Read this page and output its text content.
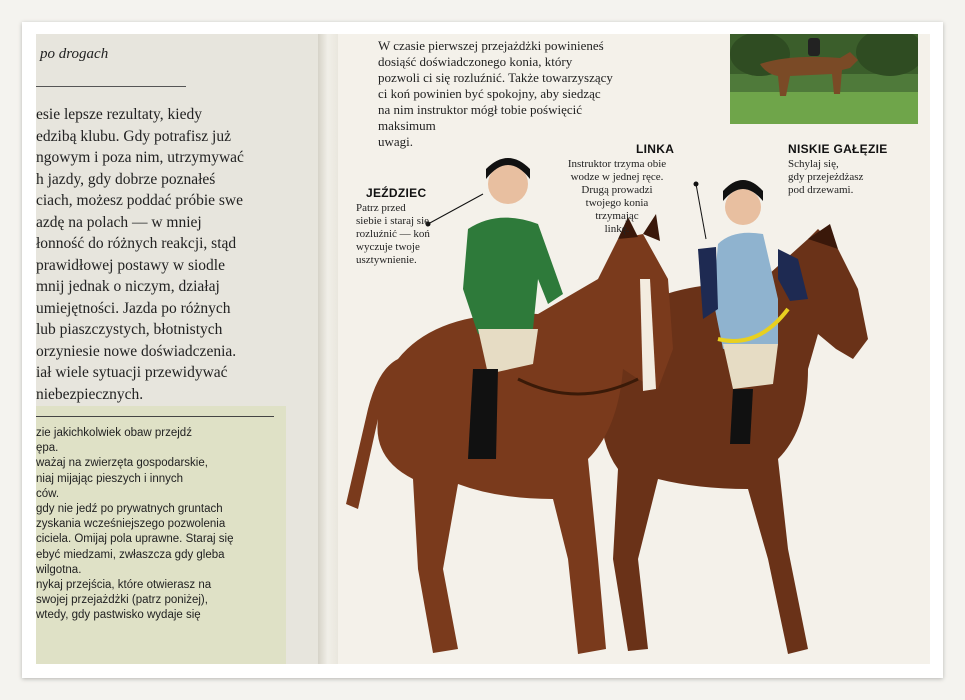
po drogach
esie lepsze rezultaty, kiedy
edzibą klubu. Gdy potrafisz już
ngowym i poza nim, utrzymywać
h jazdy, gdy dobrze poznałeś
ciach, możesz poddać próbie swe
azdę na polach — w mniej
łonność do różnych reakcji, stąd
prawidłowej postawy w siodle
mnij jednak o niczym, działaj
umiejętności. Jazda po różnych
lub piaszczystych, błotnistych
orzyniesie nowe doświadczenia.
iał wiele sytuacji przewidywać
niebezpiecznych.
zie jakichkolwiek obaw przejdź
ępa.
ważaj na zwierzęta gospodarskie,
niaj mijając pieszych i innych
ców.
gdy nie jedź po prywatnych gruntach
zyskania wcześniejszego pozwolenia
ciciela. Omijaj pola uprawne. Staraj się
ebyć miedzami, zwłaszcza gdy gleba
wilgotna.
nykaj przejścia, które otwierasz na
swojej przejażdżki (patrz poniżej),
wtedy, gdy pastwisko wydaje się
W czasie pierwszej przejażdżki powinieneś
dosiąść doświadczonego konia, który
pozwoli ci się rozluźnić. Także towarzyszący
ci koń powinien być spokojny, aby siedząc
na nim instruktor mógł tobie poświęcić
maksimum
uwagi.
JEŹDZIEC
Patrz przed
siebie i staraj się
rozluźnić — koń
wyczuje twoje
usztywnienie.
LINKA
Instruktor trzyma obie
wodze w jednej ręce.
Drugą prowadzi
twojego konia
trzymając
linkę.
NISKIE GAŁĘZIE
Schylaj się,
gdy przejeżdżasz
pod drzewami.
